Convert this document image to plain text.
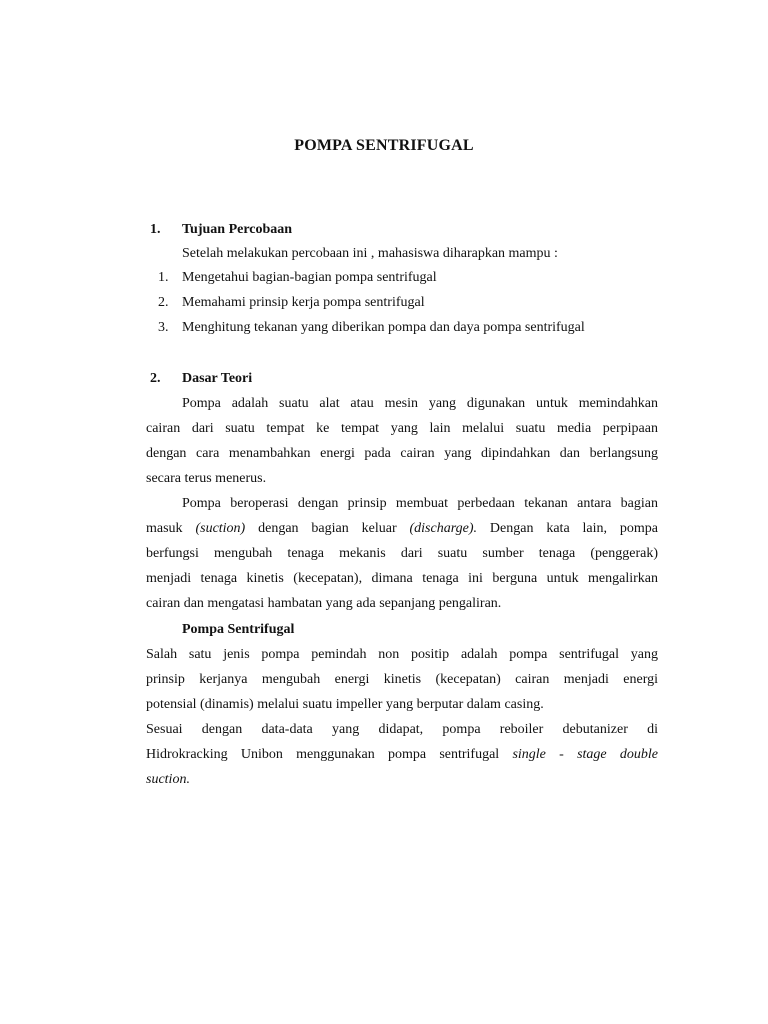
POMPA SENTRIFUGAL
1. Tujuan Percobaan
Setelah melakukan percobaan ini , mahasiswa diharapkan mampu :
1. Mengetahui bagian-bagian pompa sentrifugal
2. Memahami prinsip kerja pompa sentrifugal
3. Menghitung tekanan yang diberikan pompa dan daya pompa sentrifugal
2. Dasar Teori
Pompa adalah suatu alat atau mesin yang digunakan untuk memindahkan
cairan dari suatu tempat ke tempat yang lain melalui suatu media perpipaan
dengan cara menambahkan energi pada cairan yang dipindahkan dan berlangsung
secara terus menerus.
Pompa beroperasi dengan prinsip membuat perbedaan tekanan antara bagian
masuk (suction) dengan bagian keluar (discharge). Dengan kata lain, pompa
berfungsi mengubah tenaga mekanis dari suatu sumber tenaga (penggerak)
menjadi tenaga kinetis (kecepatan), dimana tenaga ini berguna untuk mengalirkan
cairan dan mengatasi hambatan yang ada sepanjang pengaliran.
Pompa Sentrifugal
Salah satu jenis pompa pemindah non positip adalah pompa sentrifugal yang
prinsip kerjanya mengubah energi kinetis (kecepatan) cairan menjadi energi
potensial (dinamis) melalui suatu impeller yang berputar dalam casing.
Sesuai dengan data-data yang didapat, pompa reboiler debutanizer di
Hidrokracking Unibon menggunakan pompa sentrifugal single - stage double
suction.
